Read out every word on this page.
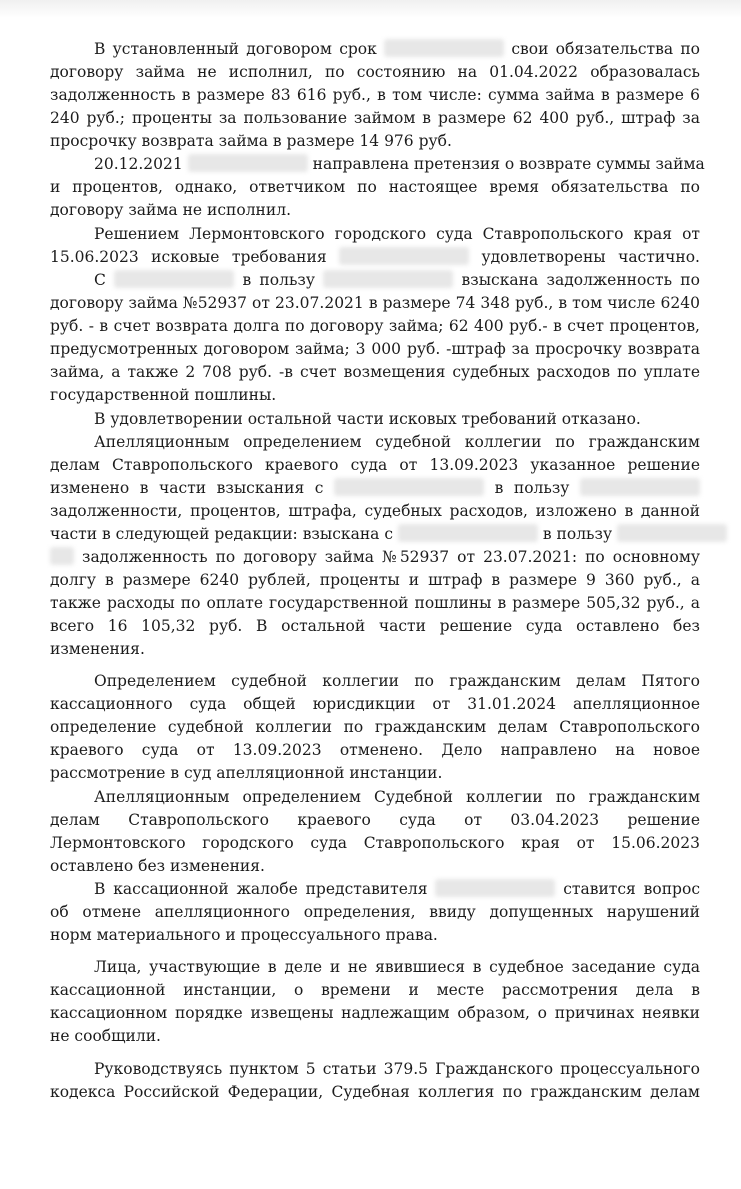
В установленный договором срок	свои обязательства по
договору займа не исполнил, по состоянию на 01.04.2022 образовалась
задолженность в размере 83 616 руб., в том числе: сумма займа в размере 6
240 руб.; проценты за пользование займом в размере 62 400 руб., штраф за
просрочку возврата займа в размере 14 976 руб.
20.12.2021	направлена претензия о возврате суммы займа
и процентов, однако, ответчиком по настоящее время обязательства по
договору займа не исполнил.
Решением Лермонтовского городского суда Ставропольского края от
15.06.2023 исковые требования	удовлетворены частично.
С	в пользу	взыскана задолженность по
договору займа №52937 от 23.07.2021 в размере 74 348 руб., в том числе 6240
руб. - в счет возврата долга по договору займа; 62 400 руб.- в счет процентов,
предусмотренных договором займа; 3 000 руб. -штраф за просрочку возврата
займа, а также 2 708 руб. -в счет возмещения судебных расходов по уплате
государственной пошлины.
В удовлетворении остальной части исковых требований отказано.
Апелляционным определением судебной коллегии по гражданским
делам Ставропольского краевого суда от 13.09.2023 указанное решение
изменено в части взыскания с	в пользу
задолженности, процентов, штрафа, судебных расходов, изложено в данной
части в следующей редакции: взыскана с	в пользу
задолженность по договору займа №52937 от 23.07.2021: по основному
долгу в размере 6240 рублей, проценты и штраф в размере 9 360 руб., а
также расходы по оплате государственной пошлины в размере 505,32 руб., а
всего 16 105,32 руб. В остальной части решение суда оставлено без
изменения.
Определением судебной коллегии по гражданским делам Пятого
кассационного суда общей юрисдикции от 31.01.2024 апелляционное
определение судебной коллегии по гражданским делам Ставропольского
краевого суда от 13.09.2023 отменено. Дело направлено на новое
рассмотрение в суд апелляционной инстанции.
Апелляционным определением Судебной коллегии по гражданским
делам Ставропольского краевого суда от 03.04.2023 решение
Лермонтовского городского суда Ставропольского края от 15.06.2023
оставлено без изменения.
В кассационной жалобе представителя	ставится вопрос
об отмене апелляционного определения, ввиду допущенных нарушений
норм материального и процессуального права.
Лица, участвующие в деле и не явившиеся в судебное заседание суда
кассационной инстанции, о времени и месте рассмотрения дела в
кассационном порядке извещены надлежащим образом, о причинах неявки
не сообщили.
Руководствуясь пунктом 5 статьи 379.5 Гражданского процессуального
кодекса Российской Федерации, Судебная коллегия по гражданским делам
